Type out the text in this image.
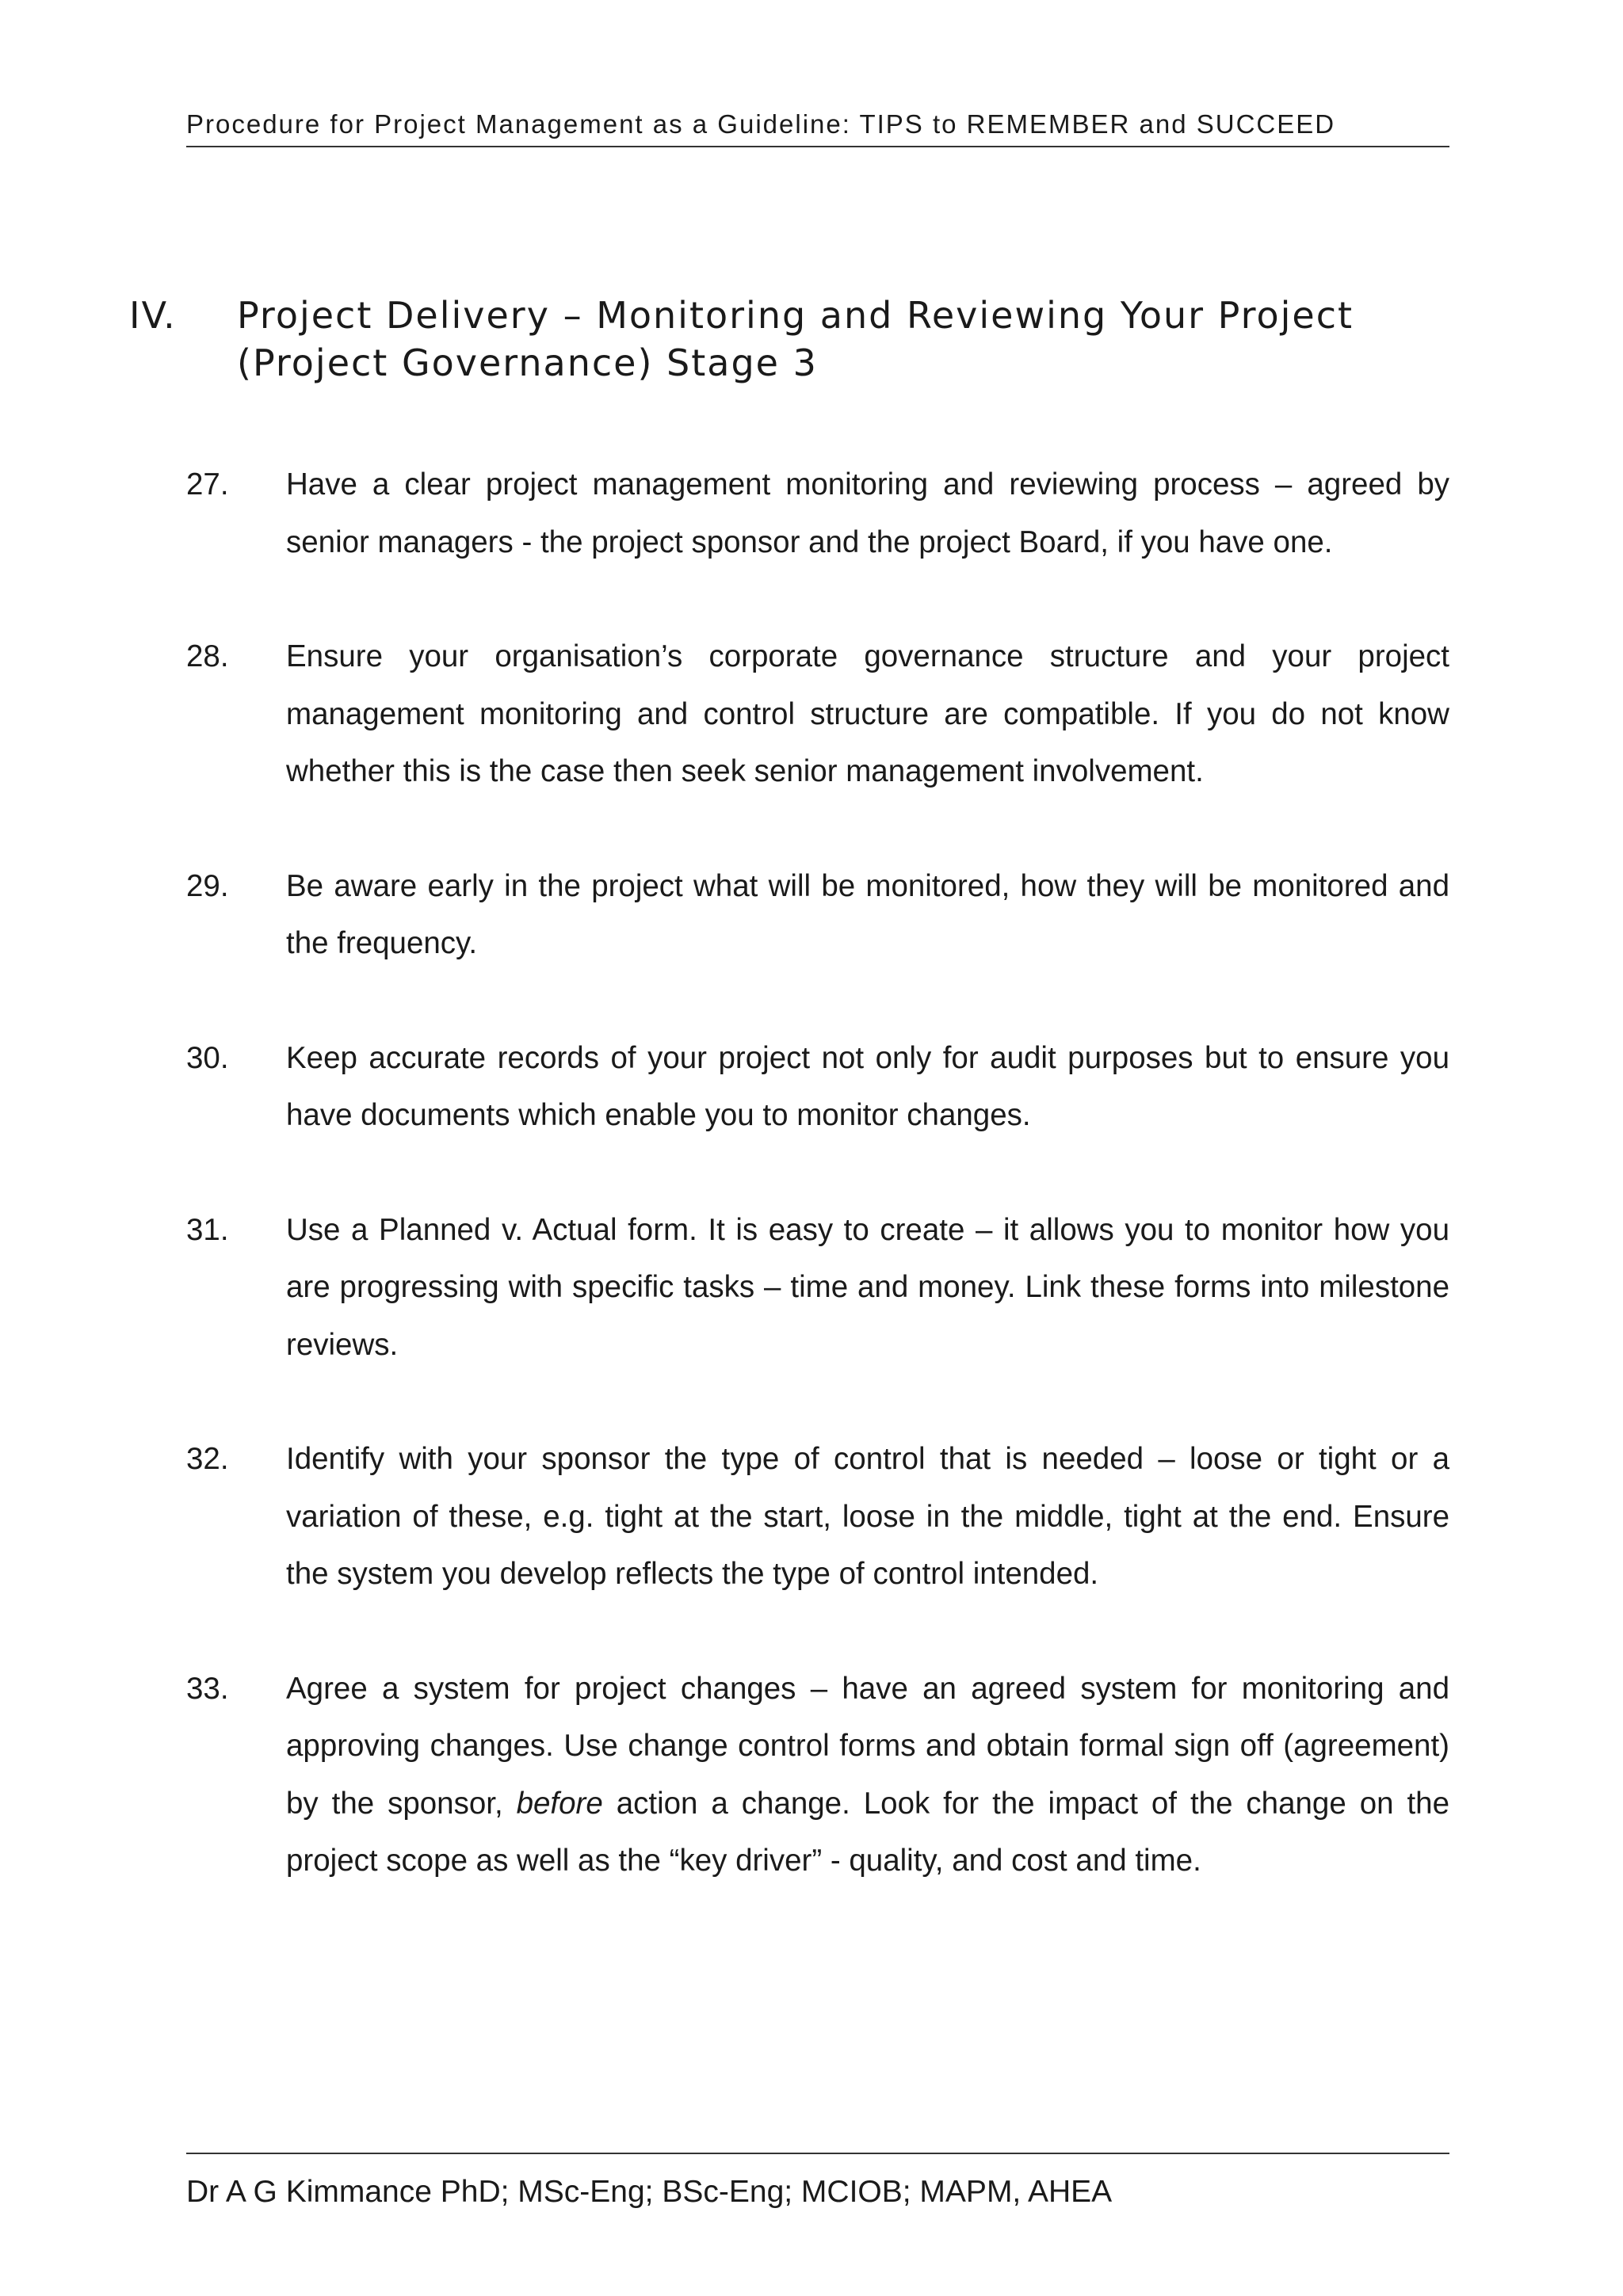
Procedure for Project Management as a Guideline: TIPS to REMEMBER and SUCCEED
IV. Project Delivery – Monitoring and Reviewing Your Project (Project Governance) Stage 3
27. Have a clear project management monitoring and reviewing process – agreed by senior managers - the project sponsor and the project Board, if you have one.
28. Ensure your organisation’s corporate governance structure and your project management monitoring and control structure are compatible. If you do not know whether this is the case then seek senior management involvement.
29. Be aware early in the project what will be monitored, how they will be monitored and the frequency.
30. Keep accurate records of your project not only for audit purposes but to ensure you have documents which enable you to monitor changes.
31. Use a Planned v. Actual form. It is easy to create – it allows you to monitor how you are progressing with specific tasks – time and money. Link these forms into milestone reviews.
32. Identify with your sponsor the type of control that is needed – loose or tight or a variation of these, e.g. tight at the start, loose in the middle, tight at the end. Ensure the system you develop reflects the type of control intended.
33. Agree a system for project changes – have an agreed system for monitoring and approving changes. Use change control forms and obtain formal sign off (agreement) by the sponsor, before action a change. Look for the impact of the change on the project scope as well as the “key driver” - quality, and cost and time.
Dr A G Kimmance PhD; MSc-Eng; BSc-Eng; MCIOB; MAPM, AHEA
